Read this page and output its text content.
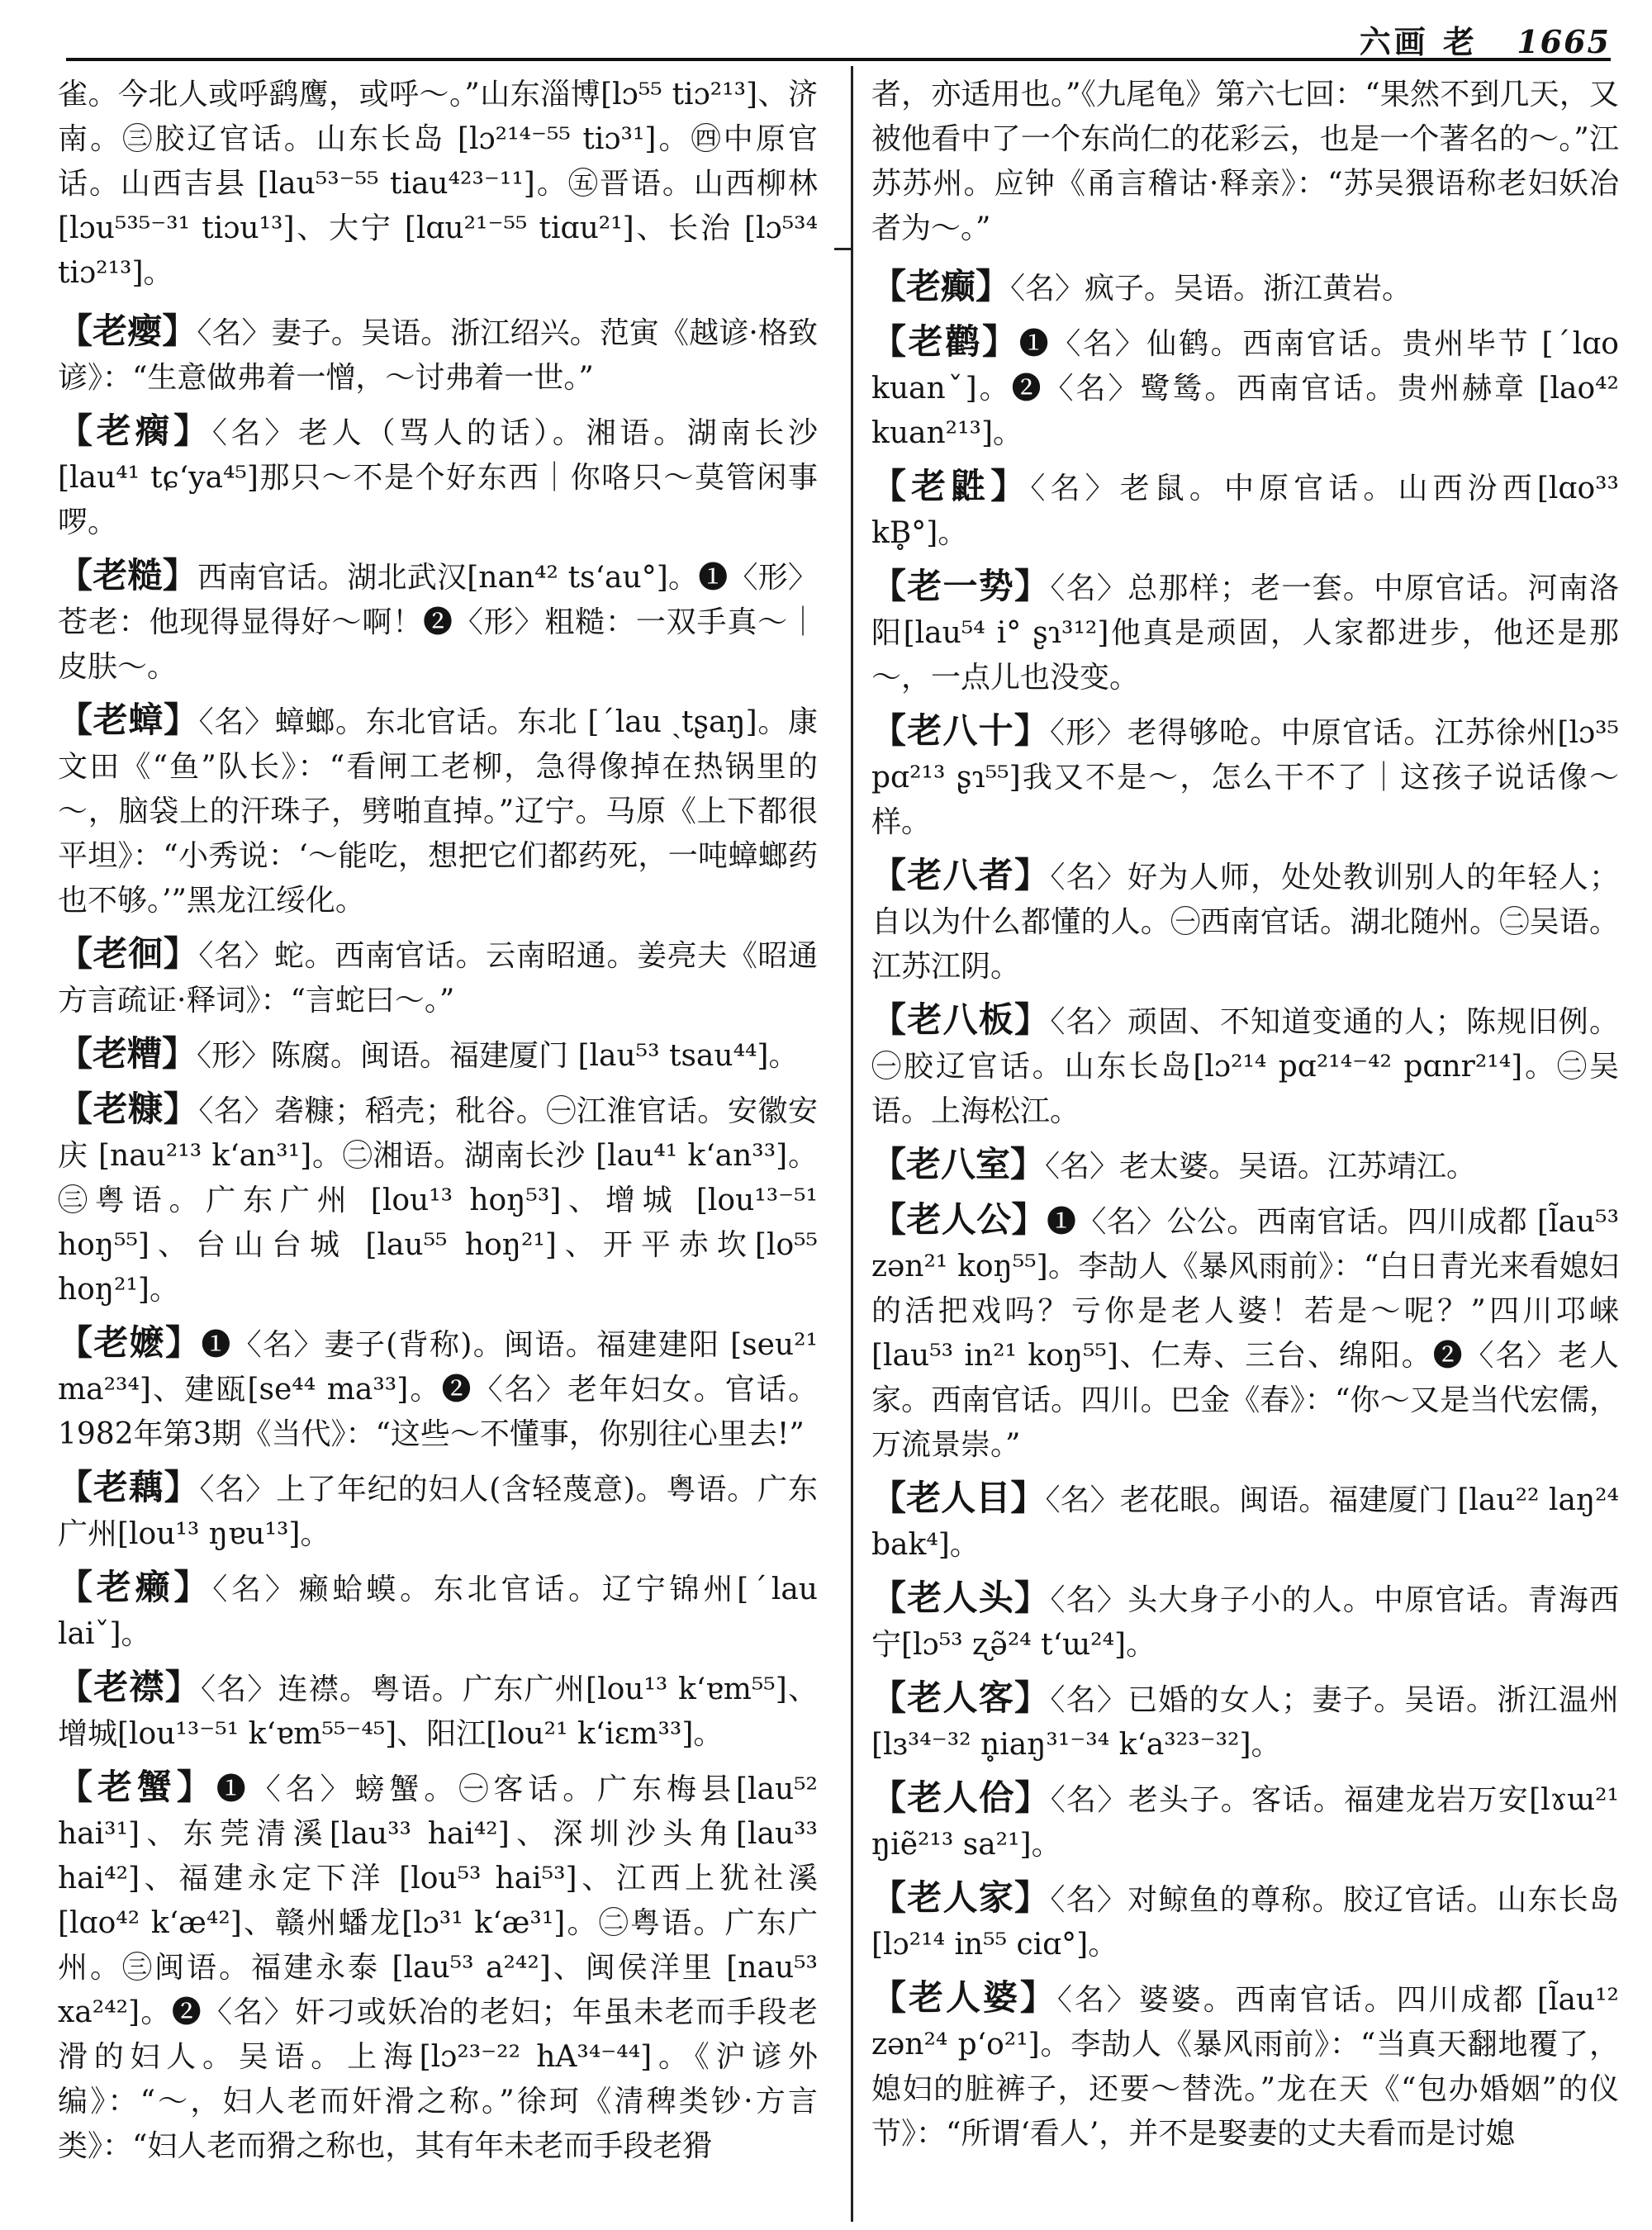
六画 老 1665
雀。今北人或呼鹞鹰，或呼～。”山东淄博[lɔ⁵⁵ tiɔ²¹³]、济南。㊂胶辽官话。山东长岛 [lɔ²¹⁴⁻⁵⁵ tiɔ³¹]。㊃中原官话。山西吉县 [lau⁵³⁻⁵⁵ tiau⁴²³⁻¹¹]。㊄晋语。山西柳林 [lɔu⁵³⁵⁻³¹ tiɔu¹³]、大宁 [lɑu²¹⁻⁵⁵ tiɑu²¹]、长治 [lɔ⁵³⁴ tiɔ²¹³]。
【老瘿】〈名〉妻子。吴语。浙江绍兴。范寅《越谚·格致谚》：“生意做弗着一憎，～讨弗着一世。”
【老瘸】〈名〉老人（骂人的话）。湘语。湖南长沙 [lau⁴¹ tɕʻya⁴⁵]那只～不是个好东西｜你咯只～莫管闲事啰。
【老糙】西南官话。湖北武汉[nan⁴² tsʻau°]。❶〈形〉苍老：他现得显得好～啊！❷〈形〉粗糙：一双手真～｜皮肤～。
【老蟑】〈名〉蟑螂。东北官话。东北 [ˊlau ˏtʂaŋ]。康文田《“鱼”队长》：“看闸工老柳，急得像掉在热锅里的～，脑袋上的汗珠子，劈啪直掉。”辽宁。马原《上下都很平坦》：“小秀说：‘～能吃，想把它们都药死，一吨蟑螂药也不够。’”黑龙江绥化。
【老徊】〈名〉蛇。西南官话。云南昭通。姜亮夫《昭通方言疏证·释词》：“言蛇曰～。”
【老糟】〈形〉陈腐。闽语。福建厦门 [lau⁵³ tsau⁴⁴]。
【老糠】〈名〉砻糠；稻壳；秕谷。㊀江淮官话。安徽安庆 [nau²¹³ kʻan³¹]。㊁湘语。湖南长沙 [lau⁴¹ kʻan³³]。㊂粤语。广东广州 [lou¹³ hoŋ⁵³]、增城 [lou¹³⁻⁵¹ hoŋ⁵⁵]、台山台城 [lau⁵⁵ hoŋ²¹]、开平赤坎[lo⁵⁵ hoŋ²¹]。
【老嬷】❶〈名〉妻子(背称)。闽语。福建建阳 [seu²¹ ma²³⁴]、建瓯[se⁴⁴ ma³³]。❷〈名〉老年妇女。官话。1982年第3期《当代》：“这些～不懂事，你别往心里去!”
【老藕】〈名〉上了年纪的妇人(含轻蔑意)。粤语。广东广州[lou¹³ ŋɐu¹³]。
【老癞】〈名〉癞蛤蟆。东北官话。辽宁锦州[ˊlau laiˇ]。
【老襟】〈名〉连襟。粤语。广东广州[lou¹³ kʻɐm⁵⁵]、增城[lou¹³⁻⁵¹ kʻɐm⁵⁵⁻⁴⁵]、阳江[lou²¹ kʻiɛm³³]。
【老蟹】❶〈名〉螃蟹。㊀客话。广东梅县[lau⁵² hai³¹]、东莞清溪[lau³³ hai⁴²]、深圳沙头角[lau³³ hai⁴²]、福建永定下洋 [lou⁵³ hai⁵³]、江西上犹社溪 [lɑo⁴² kʻæ⁴²]、赣州蟠龙[lɔ³¹ kʻæ³¹]。㊁粤语。广东广州。㊂闽语。福建永泰 [lau⁵³ a²⁴²]、闽侯洋里 [nau⁵³ xa²⁴²]。❷〈名〉奸刁或妖冶的老妇；年虽未老而手段老滑的妇人。吴语。上海[lɔ²³⁻²² hA³⁴⁻⁴⁴]。《沪谚外编》：“～，妇人老而奸滑之称。”徐珂《清稗类钞·方言类》：“妇人老而猾之称也，其有年未老而手段老猾
者，亦适用也。”《九尾龟》第六七回：“果然不到几天，又被他看中了一个东尚仁的花彩云，也是一个著名的～。”江苏苏州。应钟《甬言稽诂·释亲》：“苏吴猥语称老妇妖冶者为～。”
【老癫】〈名〉疯子。吴语。浙江黄岩。
【老鹳】❶〈名〉仙鹤。西南官话。贵州毕节 [ˊlɑo kuanˇ]。❷〈名〉鹭鸶。西南官话。贵州赫章 [lao⁴² kuan²¹³]。
【老鼪】〈名〉老鼠。中原官话。山西汾西[lɑo³³ kB̥°]。
【老一势】〈名〉总那样；老一套。中原官话。河南洛阳[lau⁵⁴ i° ʂɿ³¹²]他真是顽固，人家都进步，他还是那～，一点儿也没变。
【老八十】〈形〉老得够呛。中原官话。江苏徐州[lɔ³⁵ pɑ²¹³ ʂɿ⁵⁵]我又不是～，怎么干不了｜这孩子说话像～样。
【老八者】〈名〉好为人师，处处教训别人的年轻人；自以为什么都懂的人。㊀西南官话。湖北随州。㊁吴语。江苏江阴。
【老八板】〈名〉顽固、不知道变通的人；陈规旧例。㊀胶辽官话。山东长岛[lɔ²¹⁴ pɑ²¹⁴⁻⁴² pɑnr²¹⁴]。㊁吴语。上海松江。
【老八室】〈名〉老太婆。吴语。江苏靖江。
【老人公】❶〈名〉公公。西南官话。四川成都 [l̃au⁵³ zən²¹ koŋ⁵⁵]。李劼人《暴风雨前》：“白日青光来看媳妇的活把戏吗？亏你是老人婆！若是～呢？”四川邛崃[lau⁵³ in²¹ koŋ⁵⁵]、仁寿、三台、绵阳。❷〈名〉老人家。西南官话。四川。巴金《春》：“你～又是当代宏儒，万流景崇。”
【老人目】〈名〉老花眼。闽语。福建厦门 [lau²² laŋ²⁴ bak⁴]。
【老人头】〈名〉头大身子小的人。中原官话。青海西宁[lɔ⁵³ ʐə̃²⁴ tʻɯ²⁴]。
【老人客】〈名〉已婚的女人；妻子。吴语。浙江温州 [lɜ³⁴⁻³² n̥iaŋ³¹⁻³⁴ kʻa³²³⁻³²]。
【老人佮】〈名〉老头子。客话。福建龙岩万安[lɤɯ²¹ ŋiẽ²¹³ sa²¹]。
【老人家】〈名〉对鲸鱼的尊称。胶辽官话。山东长岛 [lɔ²¹⁴ in⁵⁵ ciɑ°]。
【老人婆】〈名〉婆婆。西南官话。四川成都 [l̃au¹² zən²⁴ pʻo²¹]。李劼人《暴风雨前》：“当真天翻地覆了，媳妇的脏裤子，还要～替洗。”龙在天《“包办婚姻”的仪节》：“所谓‘看人’，并不是娶妻的丈夫看而是讨媳
